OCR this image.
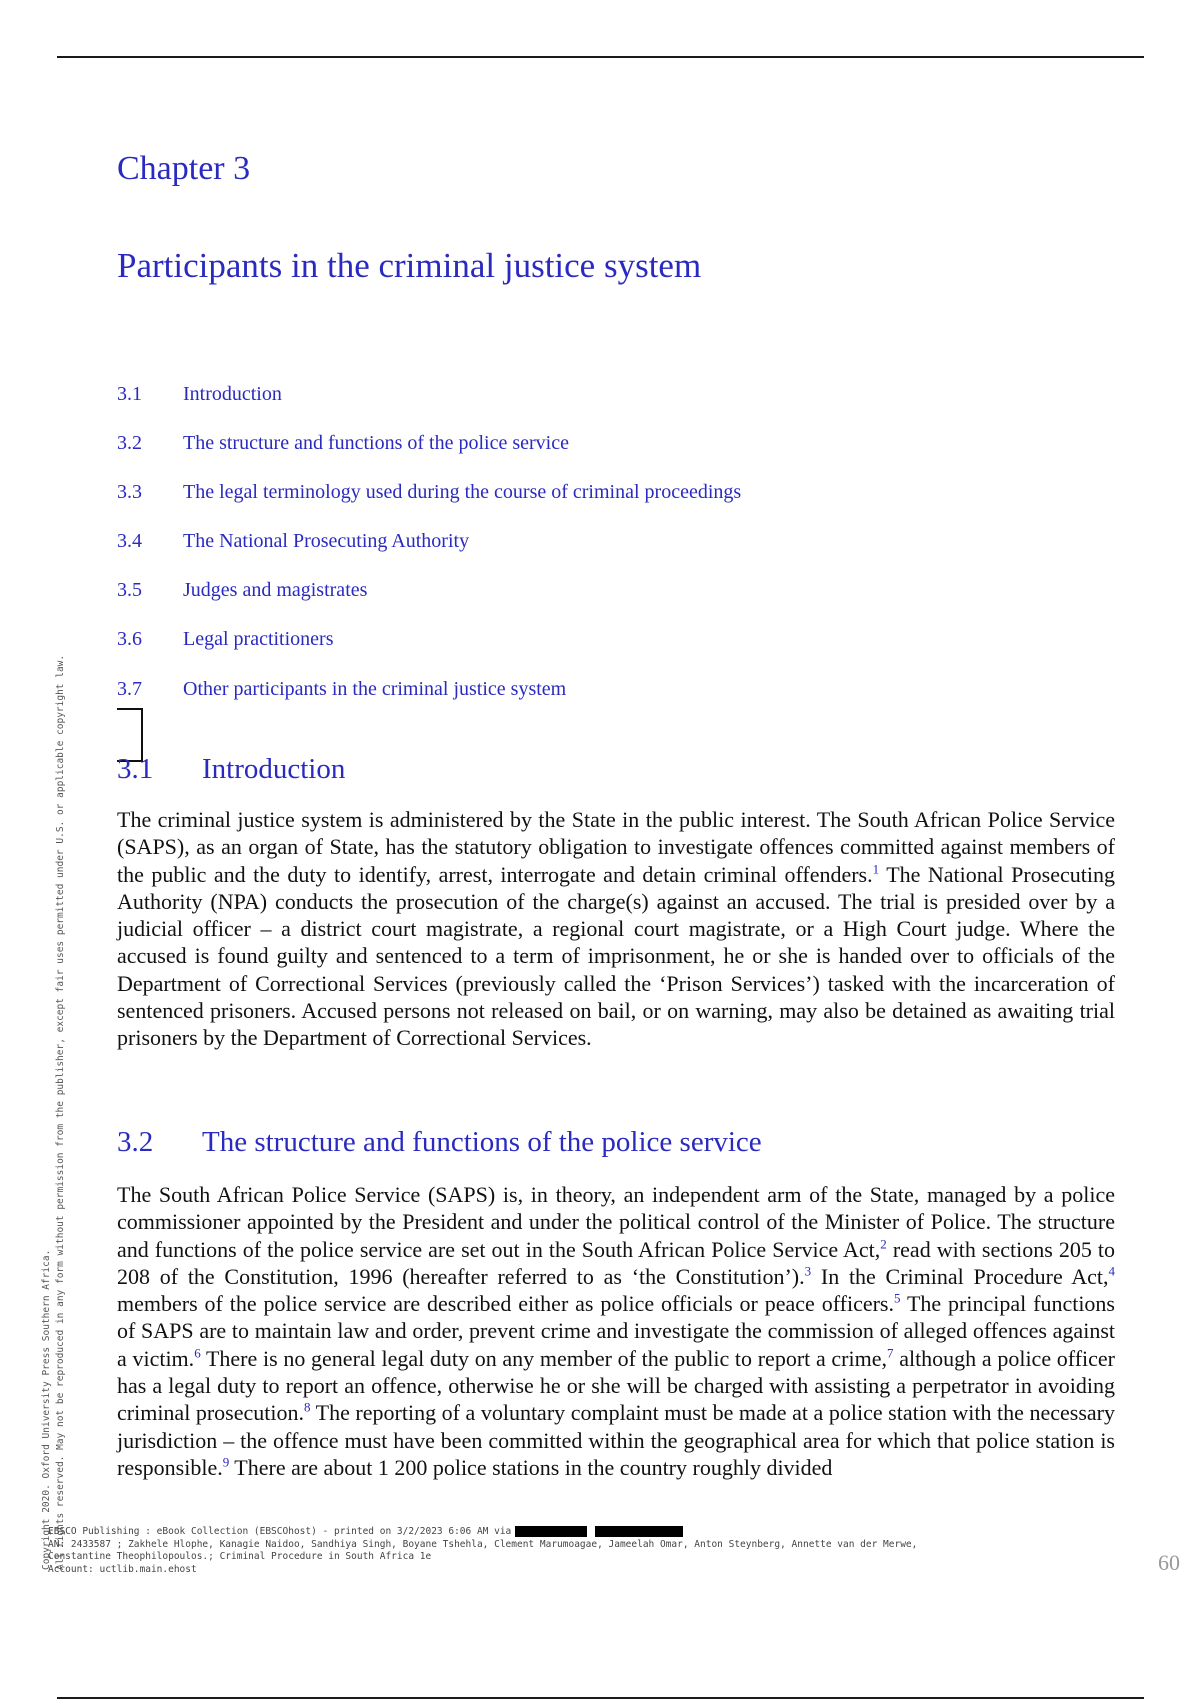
Chapter 3
Participants in the criminal justice system
3.1	Introduction
3.2	The structure and functions of the police service
3.3	The legal terminology used during the course of criminal proceedings
3.4	The National Prosecuting Authority
3.5	Judges and magistrates
3.6	Legal practitioners
3.7	Other participants in the criminal justice system
3.1 Introduction

The criminal justice system is administered by the State in the public interest. The South African Police Service (SAPS), as an organ of State, has the statutory obligation to investigate offences committed against members of the public and the duty to identify, arrest, interrogate and detain criminal offenders.$^1$ The National Prosecuting Authority (NPA) conducts the prosecution of the charge(s) against an accused. The trial is presided over by a judicial officer – a district court magistrate, a regional court magistrate, or a High Court judge. Where the accused is found guilty and sentenced to a term of imprisonment, he or she is handed over to officials of the Department of Correctional Services (previously called the ‘Prison Services’) tasked with the incarceration of sentenced prisoners. Accused persons not released on bail, or on warning, may also be detained as awaiting trial prisoners by the Department of Correctional Services.

3.2 The structure and functions of the police service

The South African Police Service (SAPS) is, in theory, an independent arm of the State, managed by a police commissioner appointed by the President and under the political control of the Minister of Police. The structure and functions of the police service are set out in the South African Police Service Act,$^2$ read with sections 205 to 208 of the Constitution, 1996 (hereafter referred to as ‘the Constitution’).$^3$ In the Criminal Procedure Act,$^4$ members of the police service are described either as police officials or peace officers.$^5$ The principal functions of SAPS are to maintain law and order, prevent crime and investigate the commission of alleged offences against a victim.$^6$ There is no general legal duty on any member of the public to report a crime,$^7$ although a police officer has a legal duty to report an offence, otherwise he or she will be charged with assisting a perpetrator in avoiding criminal prosecution.$^8$ The reporting of a voluntary complaint must be made at a police station with the necessary jurisdiction – the offence must have been committed within the geographical area for which that police station is responsible.$^9$ There are about 1 200 police stations in the country roughly divided

Copyright 2020. Oxford University Press Southern Africa. All rights reserved. May not be reproduced in any form without permission from the publisher, except fair uses permitted under U.S. or applicable copyright law.
EBSCO Publishing : eBook Collection (EBSCOhost) - printed on 3/2/2023 6:06 AM via
AN: 2433587 ; Zakhele Hlophe, Kanagie Naidoo, Sandhiya Singh, Boyane Tshehla, Clement Marumoagae, Jameelah Omar, Anton Steynberg, Annette van der Merwe,
Constantine Theophilopoulos.; Criminal Procedure in South Africa 1e
Account: uctlib.main.ehost	60
